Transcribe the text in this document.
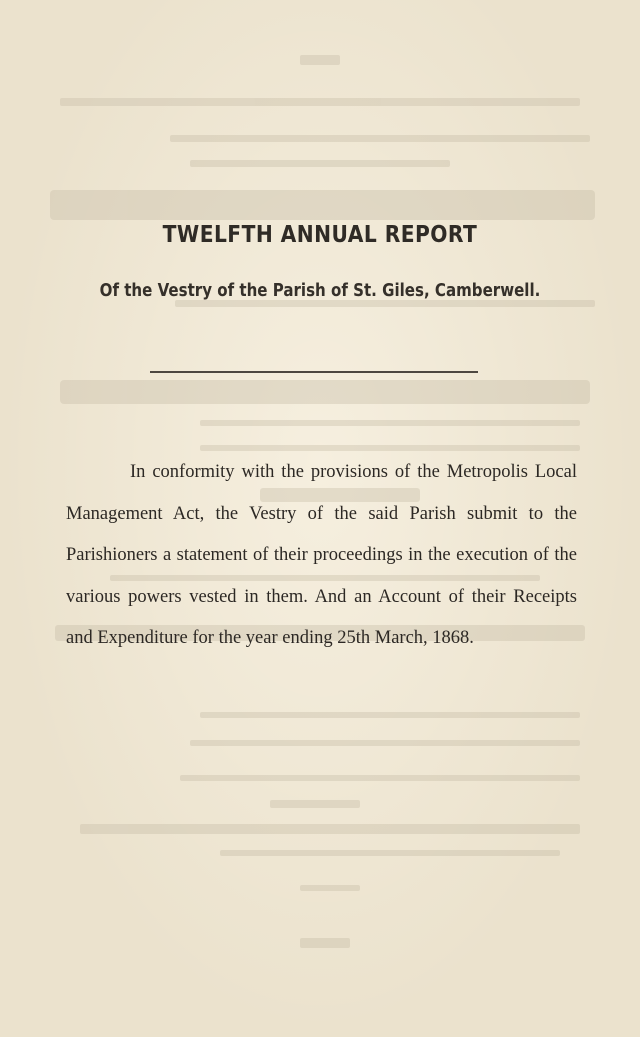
TWELFTH ANNUAL REPORT

Of the Vestry of the Parish of St. Giles, Camberwell.

In conformity with the provisions of the Metropolis Local Management Act, the Vestry of the said Parish submit to the Parishioners a statement of their proceedings in the execution of the various powers vested in them. And an Account of their Receipts and Expenditure for the year ending 25th March, 1868.
